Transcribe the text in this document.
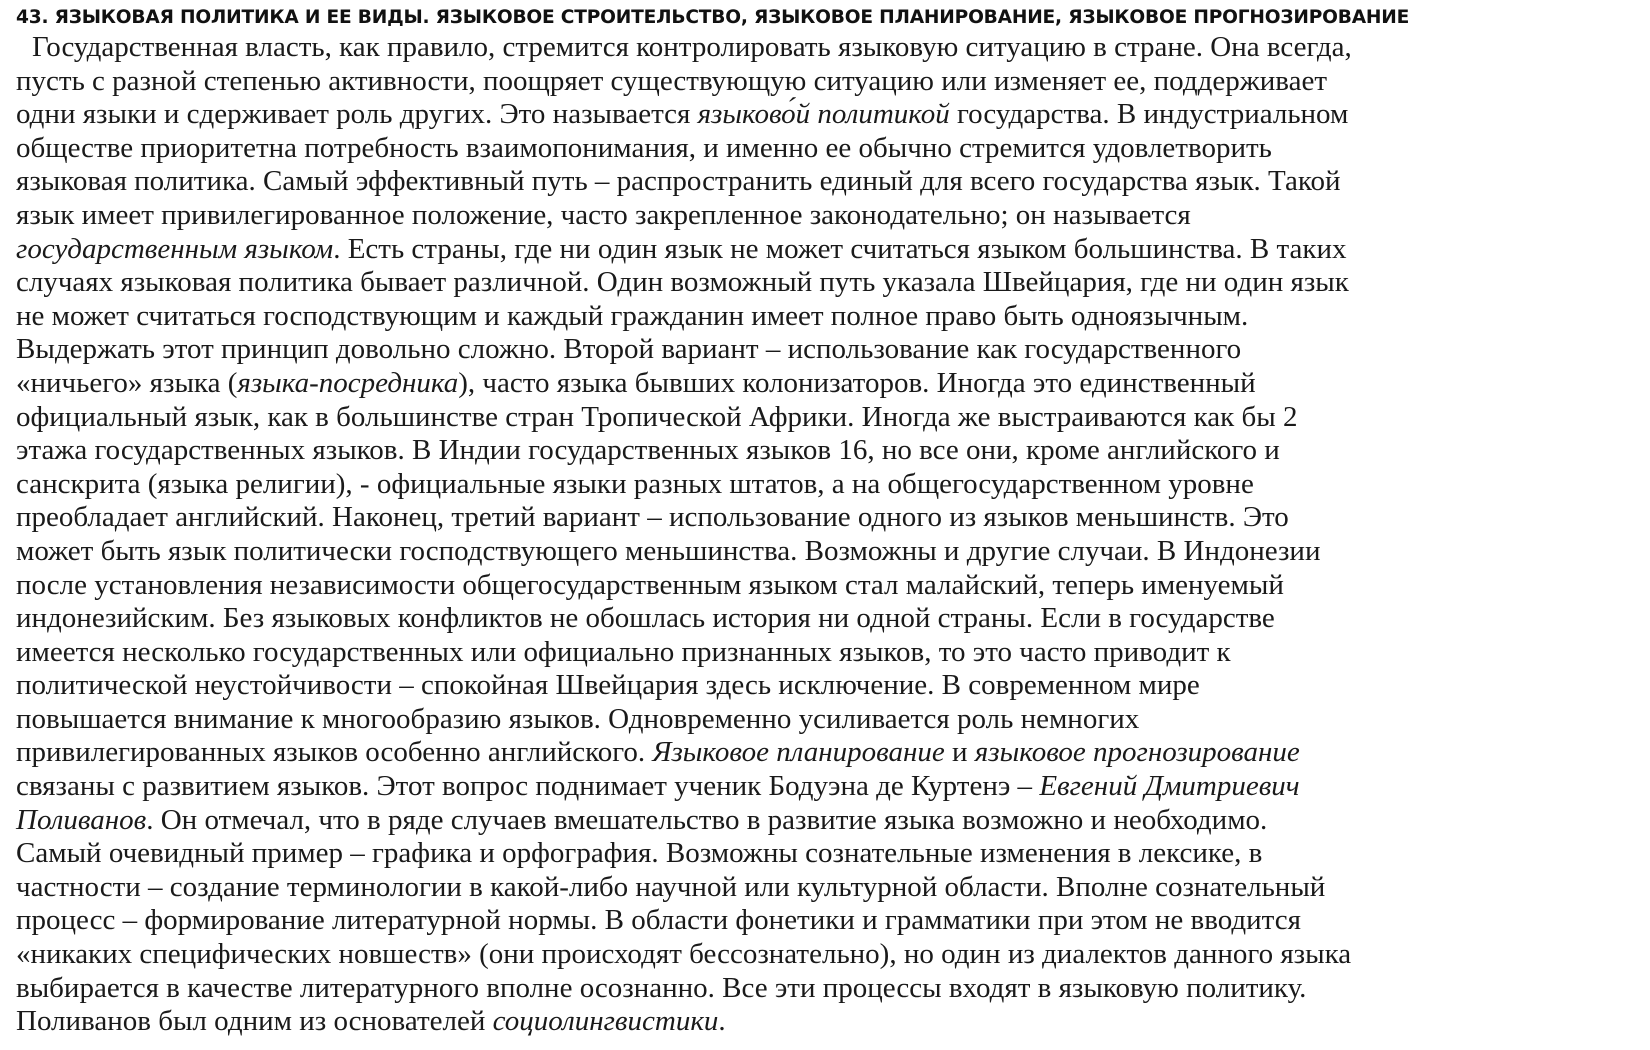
43. ЯЗЫКОВАЯ ПОЛИТИКА И ЕЕ ВИДЫ. ЯЗЫКОВОЕ СТРОИТЕЛЬСТВО, ЯЗЫКОВОЕ ПЛАНИРОВАНИЕ, ЯЗЫКОВОЕ ПРОГНОЗИРОВАНИЕ
Государственная власть, как правило, стремится контролировать языковую ситуацию в стране. Она всегда,
пусть с разной степенью активности, поощряет существующую ситуацию или изменяет ее, поддерживает
одни языки и сдерживает роль других. Это называется языково́й политикой государства. В индустриальном
обществе приоритетна потребность взаимопонимания, и именно ее обычно стремится удовлетворить
языковая политика. Самый эффективный путь – распространить единый для всего государства язык. Такой
язык имеет привилегированное положение, часто закрепленное законодательно; он называется
государственным языком. Есть страны, где ни один язык не может считаться языком большинства. В таких
случаях языковая политика бывает различной. Один возможный путь указала Швейцария, где ни один язык
не может считаться господствующим и каждый гражданин имеет полное право быть одноязычным.
Выдержать этот принцип довольно сложно. Второй вариант – использование как государственного
«ничьего» языка (языка-посредника), часто языка бывших колонизаторов. Иногда это единственный
официальный язык, как в большинстве стран Тропической Африки. Иногда же выстраиваются как бы 2
этажа государственных языков. В Индии государственных языков 16, но все они, кроме английского и
санскрита (языка религии), - официальные языки разных штатов, а на общегосударственном уровне
преобладает английский. Наконец, третий вариант – использование одного из языков меньшинств. Это
может быть язык политически господствующего меньшинства. Возможны и другие случаи. В Индонезии
после установления независимости общегосударственным языком стал малайский, теперь именуемый
индонезийским. Без языковых конфликтов не обошлась история ни одной страны. Если в государстве
имеется несколько государственных или официально признанных языков, то это часто приводит к
политической неустойчивости – спокойная Швейцария здесь исключение. В современном мире
повышается внимание к многообразию языков. Одновременно усиливается роль немногих
привилегированных языков особенно английского. Языковое планирование и языковое прогнозирование
связаны с развитием языков. Этот вопрос поднимает ученик Бодуэна де Куртенэ – Евгений Дмитриевич
Поливанов. Он отмечал, что в ряде случаев вмешательство в развитие языка возможно и необходимо.
Самый очевидный пример – графика и орфография. Возможны сознательные изменения в лексике, в
частности – создание терминологии в какой-либо научной или культурной области. Вполне сознательный
процесс – формирование литературной нормы. В области фонетики и грамматики при этом не вводится
«никаких специфических новшеств» (они происходят бессознательно), но один из диалектов данного языка
выбирается в качестве литературного вполне осознанно. Все эти процессы входят в языковую политику.
Поливанов был одним из основателей социолингвистики.
